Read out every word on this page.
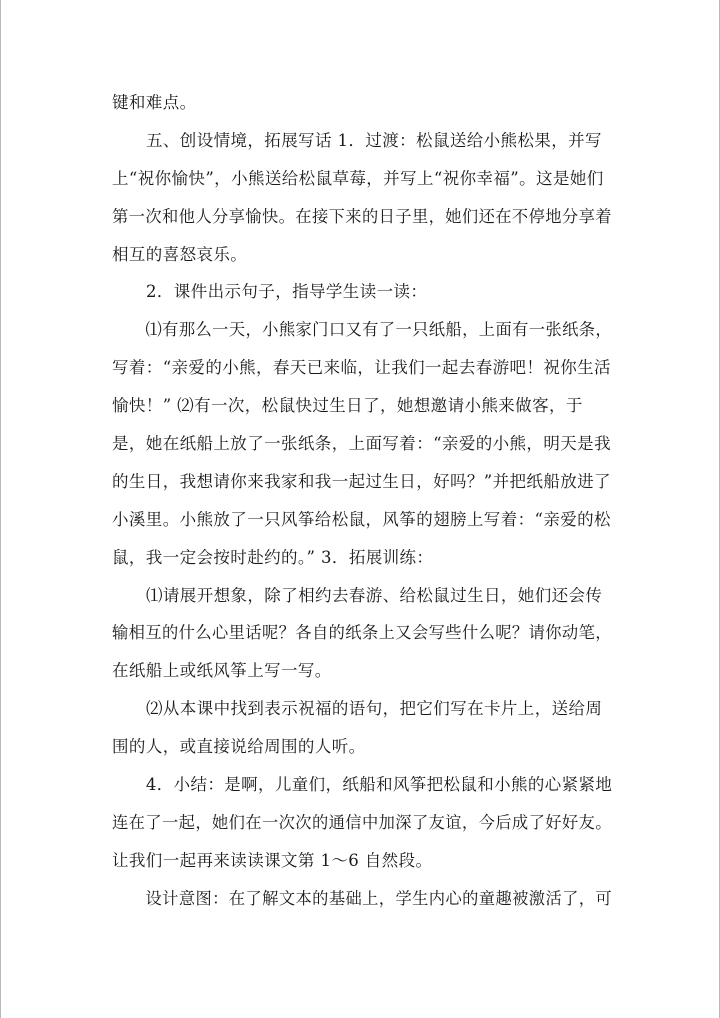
键和难点。
五、创设情境，拓展写话 1．过渡：松鼠送给小熊松果，并写
上“祝你愉快”，小熊送给松鼠草莓，并写上“祝你幸福”。这是她们
第一次和他人分享愉快。在接下来的日子里，她们还在不停地分享着
相互的喜怒哀乐。
2．课件出示句子，指导学生读一读：
⑴有那么一天，小熊家门口又有了一只纸船，上面有一张纸条，
写着：“亲爱的小熊，春天已来临，让我们一起去春游吧！祝你生活
愉快！” ⑵有一次，松鼠快过生日了，她想邀请小熊来做客，于
是，她在纸船上放了一张纸条，上面写着：“亲爱的小熊，明天是我
的生日，我想请你来我家和我一起过生日，好吗？”并把纸船放进了
小溪里。小熊放了一只风筝给松鼠，风筝的翅膀上写着：“亲爱的松
鼠，我一定会按时赴约的。” 3．拓展训练：
⑴请展开想象，除了相约去春游、给松鼠过生日，她们还会传
输相互的什么心里话呢？各自的纸条上又会写些什么呢？请你动笔，
在纸船上或纸风筝上写一写。
⑵从本课中找到表示祝福的语句，把它们写在卡片上，送给周
围的人，或直接说给周围的人听。
4．小结：是啊，儿童们，纸船和风筝把松鼠和小熊的心紧紧地
连在了一起，她们在一次次的通信中加深了友谊，今后成了好好友。
让我们一起再来读读课文第 1～6 自然段。
设计意图：在了解文本的基础上，学生内心的童趣被激活了，可
